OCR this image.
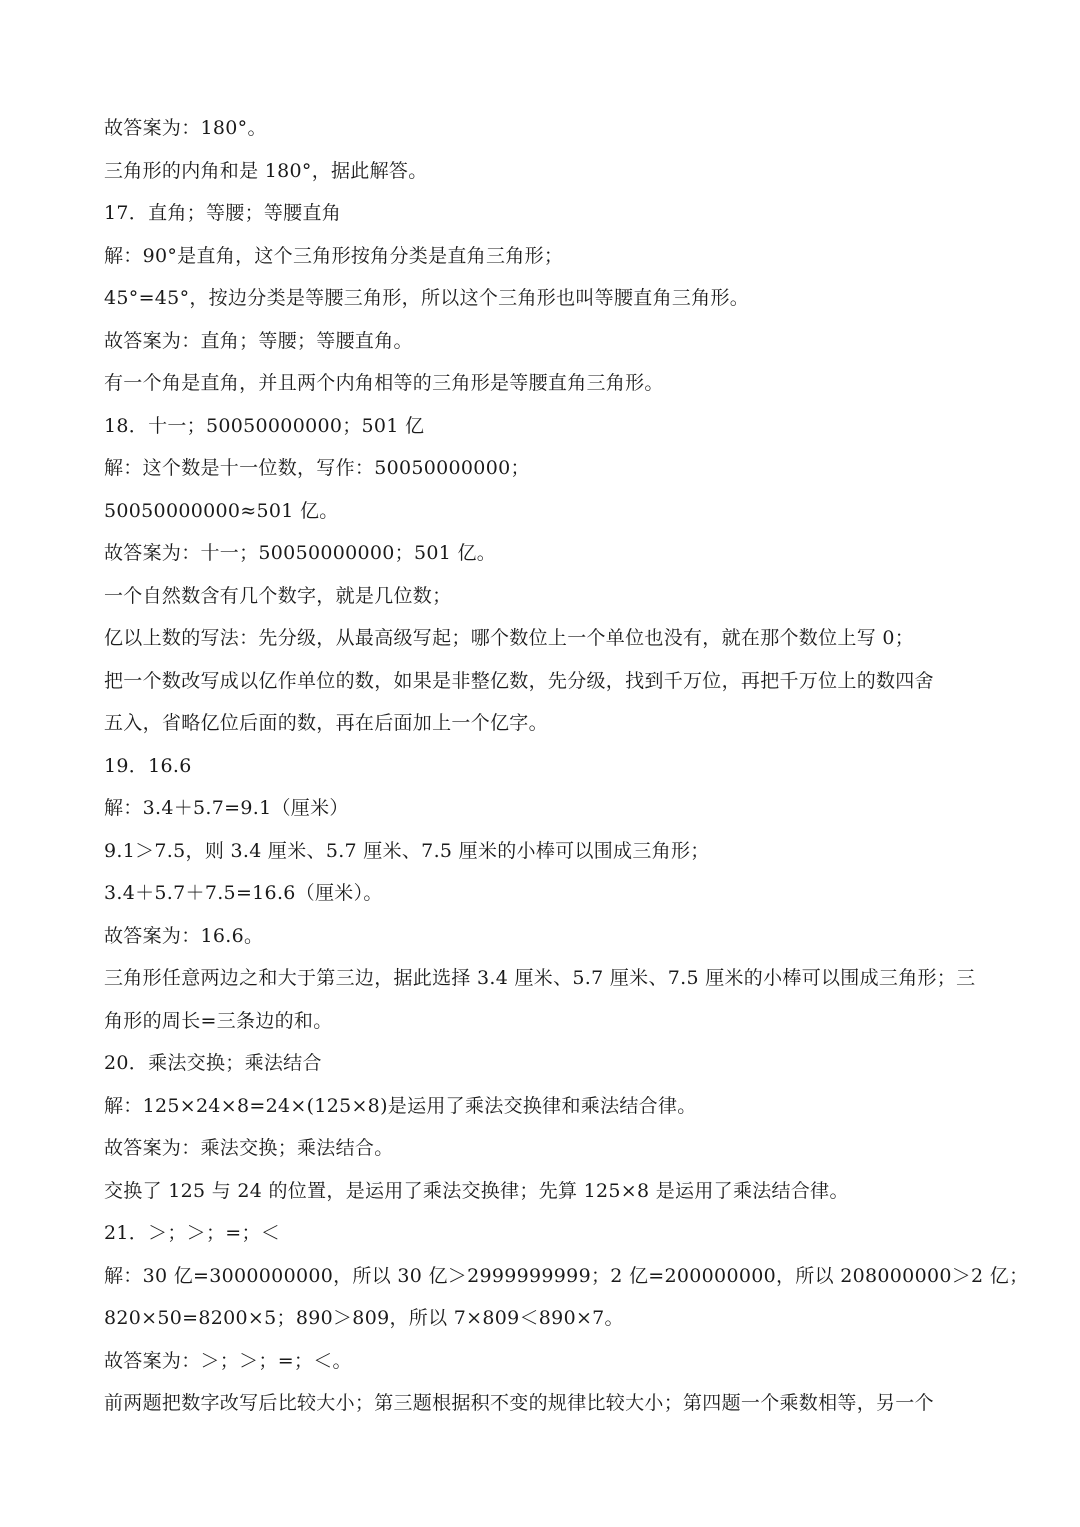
故答案为：180°。
三角形的内角和是 180°，据此解答。
17．直角；等腰；等腰直角
解：90°是直角，这个三角形按角分类是直角三角形；
45°=45°，按边分类是等腰三角形，所以这个三角形也叫等腰直角三角形。
故答案为：直角；等腰；等腰直角。
有一个角是直角，并且两个内角相等的三角形是等腰直角三角形。
18．十一；50050000000；501 亿
解：这个数是十一位数，写作：50050000000；
50050000000≈501 亿。
故答案为：十一；50050000000；501 亿。
一个自然数含有几个数字，就是几位数；
亿以上数的写法：先分级，从最高级写起；哪个数位上一个单位也没有，就在那个数位上写 0；
把一个数改写成以亿作单位的数，如果是非整亿数，先分级，找到千万位，再把千万位上的数四舍
五入，省略亿位后面的数，再在后面加上一个亿字。
19．16.6
解：3.4＋5.7=9.1（厘米）
9.1＞7.5，则 3.4 厘米、5.7 厘米、7.5 厘米的小棒可以围成三角形；
3.4＋5.7＋7.5=16.6（厘米）。
故答案为：16.6。
三角形任意两边之和大于第三边，据此选择 3.4 厘米、5.7 厘米、7.5 厘米的小棒可以围成三角形；三
角形的周长=三条边的和。
20．乘法交换；乘法结合
解：125×24×8=24×(125×8)是运用了乘法交换律和乘法结合律。
故答案为：乘法交换；乘法结合。
交换了 125 与 24 的位置，是运用了乘法交换律；先算 125×8 是运用了乘法结合律。
21．＞；＞；=；＜
解：30 亿=3000000000，所以 30 亿＞2999999999；2 亿=200000000，所以 208000000＞2 亿；
820×50=8200×5；890＞809，所以 7×809＜890×7。
故答案为：＞；＞；=；＜。
前两题把数字改写后比较大小；第三题根据积不变的规律比较大小；第四题一个乘数相等，另一个
